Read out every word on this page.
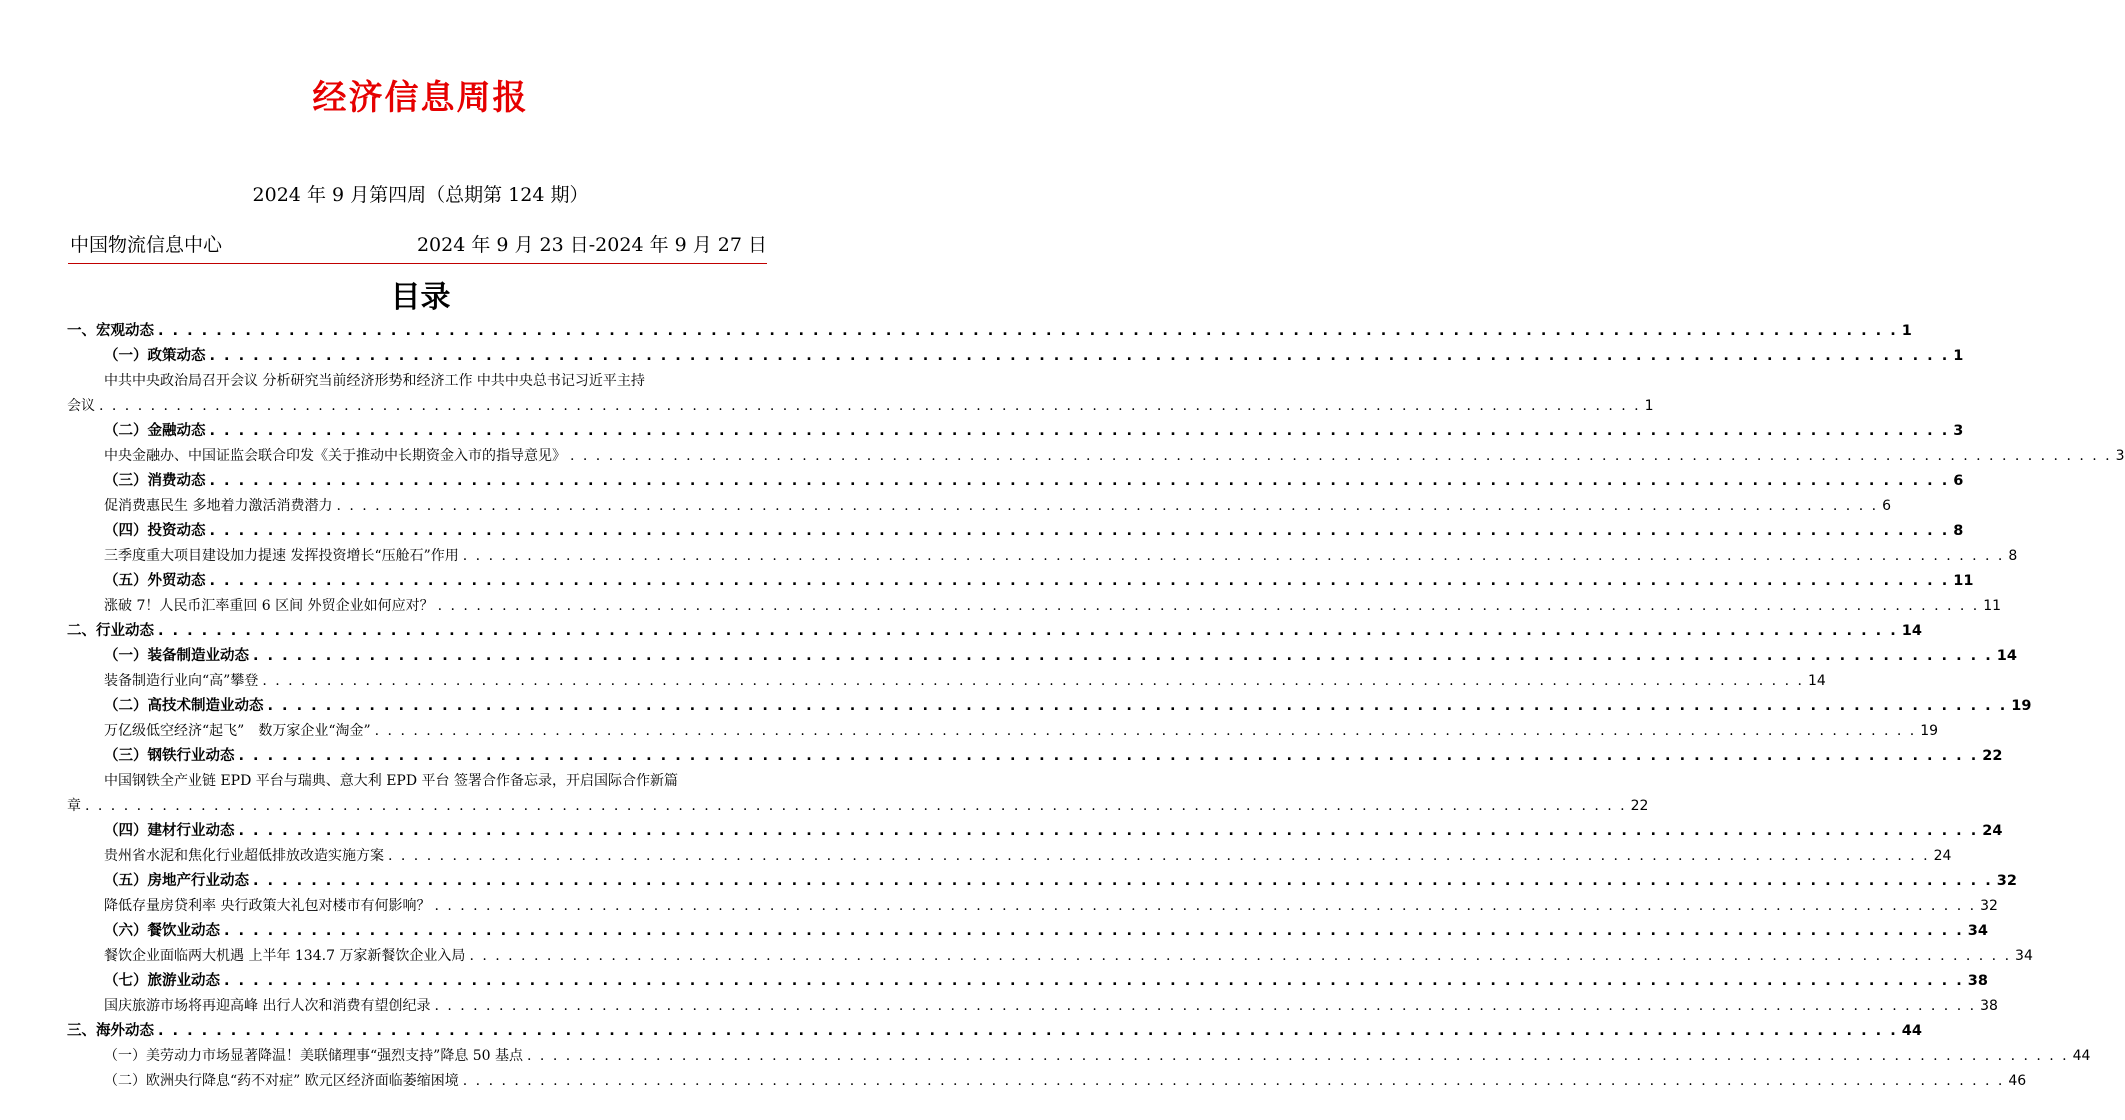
经济信息周报
2024 年 9 月第四周（总期第 124 期）
中国物流信息中心	2024 年 9 月 23 日-2024 年 9 月 27 日
目录
一、宏观动态 . . . . . . . . . . . . . . . . . . . . . . . . . . . . . . . . . . . . . . . . . . . . . . . . . . . . . . . . . . . . . . . . . . . . . . . . . . . . . . . . . . . . . . . . . . . . . . . . . . . . . . . . . . . . . . . . . . . . . . . . 1
（一）政策动态 . . . . . . . . . . . . . . . . . . . . . . . . . . . . . . . . . . . . . . . . . . . . . . . . . . . . . . . . . . . . . . . . . . . . . . . . . . . . . . . . . . . . . . . . . . . . . . . . . . . . . . . . . . . . . . . . . . . . . . . . 1
中共中央政治局召开会议 分析研究当前经济形势和经济工作 中共中央总书记习近平主持
会议 . . . . . . . . . . . . . . . . . . . . . . . . . . . . . . . . . . . . . . . . . . . . . . . . . . . . . . . . . . . . . . . . . . . . . . . . . . . . . . . . . . . . . . . . . . . . . . . . . . . . . . . . . . . . . . . . . . . . . . . . 1
（二）金融动态 . . . . . . . . . . . . . . . . . . . . . . . . . . . . . . . . . . . . . . . . . . . . . . . . . . . . . . . . . . . . . . . . . . . . . . . . . . . . . . . . . . . . . . . . . . . . . . . . . . . . . . . . . . . . . . . . . . . . . . . . 3
中央金融办、中国证监会联合印发《关于推动中长期资金入市的指导意见》 . . . . . . . . . . . . . . . . . . . . . . . . . . . . . . . . . . . . . . . . . . . . . . . . . . . . . . . . . . . . . . . . . . . . . . . . . . . . . . . . . . . . . . . . . . . . . . . . . . . . . . . . . . . . . . . . . . . . . . . . 3
（三）消费动态 . . . . . . . . . . . . . . . . . . . . . . . . . . . . . . . . . . . . . . . . . . . . . . . . . . . . . . . . . . . . . . . . . . . . . . . . . . . . . . . . . . . . . . . . . . . . . . . . . . . . . . . . . . . . . . . . . . . . . . . . 6
促消费惠民生 多地着力激活消费潜力 . . . . . . . . . . . . . . . . . . . . . . . . . . . . . . . . . . . . . . . . . . . . . . . . . . . . . . . . . . . . . . . . . . . . . . . . . . . . . . . . . . . . . . . . . . . . . . . . . . . . . . . . . . . . . . . . . . . . . . . . 6
（四）投资动态 . . . . . . . . . . . . . . . . . . . . . . . . . . . . . . . . . . . . . . . . . . . . . . . . . . . . . . . . . . . . . . . . . . . . . . . . . . . . . . . . . . . . . . . . . . . . . . . . . . . . . . . . . . . . . . . . . . . . . . . . 8
三季度重大项目建设加力提速 发挥投资增长“压舱石”作用 . . . . . . . . . . . . . . . . . . . . . . . . . . . . . . . . . . . . . . . . . . . . . . . . . . . . . . . . . . . . . . . . . . . . . . . . . . . . . . . . . . . . . . . . . . . . . . . . . . . . . . . . . . . . . . . . . . . . . . . . 8
（五）外贸动态 . . . . . . . . . . . . . . . . . . . . . . . . . . . . . . . . . . . . . . . . . . . . . . . . . . . . . . . . . . . . . . . . . . . . . . . . . . . . . . . . . . . . . . . . . . . . . . . . . . . . . . . . . . . . . . . . . . . . . . . . 11
涨破 7！人民币汇率重回 6 区间 外贸企业如何应对？ . . . . . . . . . . . . . . . . . . . . . . . . . . . . . . . . . . . . . . . . . . . . . . . . . . . . . . . . . . . . . . . . . . . . . . . . . . . . . . . . . . . . . . . . . . . . . . . . . . . . . . . . . . . . . . . . . . . . . . . . 11
二、行业动态 . . . . . . . . . . . . . . . . . . . . . . . . . . . . . . . . . . . . . . . . . . . . . . . . . . . . . . . . . . . . . . . . . . . . . . . . . . . . . . . . . . . . . . . . . . . . . . . . . . . . . . . . . . . . . . . . . . . . . . . . 14
（一）装备制造业动态 . . . . . . . . . . . . . . . . . . . . . . . . . . . . . . . . . . . . . . . . . . . . . . . . . . . . . . . . . . . . . . . . . . . . . . . . . . . . . . . . . . . . . . . . . . . . . . . . . . . . . . . . . . . . . . . . . . . . . . . . 14
装备制造行业向“高”攀登 . . . . . . . . . . . . . . . . . . . . . . . . . . . . . . . . . . . . . . . . . . . . . . . . . . . . . . . . . . . . . . . . . . . . . . . . . . . . . . . . . . . . . . . . . . . . . . . . . . . . . . . . . . . . . . . . . . . . . . . . 14
（二）高技术制造业动态 . . . . . . . . . . . . . . . . . . . . . . . . . . . . . . . . . . . . . . . . . . . . . . . . . . . . . . . . . . . . . . . . . . . . . . . . . . . . . . . . . . . . . . . . . . . . . . . . . . . . . . . . . . . . . . . . . . . . . . . . 19
万亿级低空经济“起飞”　数万家企业“淘金” . . . . . . . . . . . . . . . . . . . . . . . . . . . . . . . . . . . . . . . . . . . . . . . . . . . . . . . . . . . . . . . . . . . . . . . . . . . . . . . . . . . . . . . . . . . . . . . . . . . . . . . . . . . . . . . . . . . . . . . . 19
（三）钢铁行业动态 . . . . . . . . . . . . . . . . . . . . . . . . . . . . . . . . . . . . . . . . . . . . . . . . . . . . . . . . . . . . . . . . . . . . . . . . . . . . . . . . . . . . . . . . . . . . . . . . . . . . . . . . . . . . . . . . . . . . . . . . 22
中国钢铁全产业链 EPD 平台与瑞典、意大利 EPD 平台 签署合作备忘录，开启国际合作新篇
章 . . . . . . . . . . . . . . . . . . . . . . . . . . . . . . . . . . . . . . . . . . . . . . . . . . . . . . . . . . . . . . . . . . . . . . . . . . . . . . . . . . . . . . . . . . . . . . . . . . . . . . . . . . . . . . . . . . . . . . . . 22
（四）建材行业动态 . . . . . . . . . . . . . . . . . . . . . . . . . . . . . . . . . . . . . . . . . . . . . . . . . . . . . . . . . . . . . . . . . . . . . . . . . . . . . . . . . . . . . . . . . . . . . . . . . . . . . . . . . . . . . . . . . . . . . . . . 24
贵州省水泥和焦化行业超低排放改造实施方案 . . . . . . . . . . . . . . . . . . . . . . . . . . . . . . . . . . . . . . . . . . . . . . . . . . . . . . . . . . . . . . . . . . . . . . . . . . . . . . . . . . . . . . . . . . . . . . . . . . . . . . . . . . . . . . . . . . . . . . . . 24
（五）房地产行业动态 . . . . . . . . . . . . . . . . . . . . . . . . . . . . . . . . . . . . . . . . . . . . . . . . . . . . . . . . . . . . . . . . . . . . . . . . . . . . . . . . . . . . . . . . . . . . . . . . . . . . . . . . . . . . . . . . . . . . . . . . 32
降低存量房贷利率 央行政策大礼包对楼市有何影响？ . . . . . . . . . . . . . . . . . . . . . . . . . . . . . . . . . . . . . . . . . . . . . . . . . . . . . . . . . . . . . . . . . . . . . . . . . . . . . . . . . . . . . . . . . . . . . . . . . . . . . . . . . . . . . . . . . . . . . . . . 32
（六）餐饮业动态 . . . . . . . . . . . . . . . . . . . . . . . . . . . . . . . . . . . . . . . . . . . . . . . . . . . . . . . . . . . . . . . . . . . . . . . . . . . . . . . . . . . . . . . . . . . . . . . . . . . . . . . . . . . . . . . . . . . . . . . . 34
餐饮企业面临两大机遇 上半年 134.7 万家新餐饮企业入局 . . . . . . . . . . . . . . . . . . . . . . . . . . . . . . . . . . . . . . . . . . . . . . . . . . . . . . . . . . . . . . . . . . . . . . . . . . . . . . . . . . . . . . . . . . . . . . . . . . . . . . . . . . . . . . . . . . . . . . . . 34
（七）旅游业动态 . . . . . . . . . . . . . . . . . . . . . . . . . . . . . . . . . . . . . . . . . . . . . . . . . . . . . . . . . . . . . . . . . . . . . . . . . . . . . . . . . . . . . . . . . . . . . . . . . . . . . . . . . . . . . . . . . . . . . . . . 38
国庆旅游市场将再迎高峰 出行人次和消费有望创纪录 . . . . . . . . . . . . . . . . . . . . . . . . . . . . . . . . . . . . . . . . . . . . . . . . . . . . . . . . . . . . . . . . . . . . . . . . . . . . . . . . . . . . . . . . . . . . . . . . . . . . . . . . . . . . . . . . . . . . . . . . 38
三、海外动态 . . . . . . . . . . . . . . . . . . . . . . . . . . . . . . . . . . . . . . . . . . . . . . . . . . . . . . . . . . . . . . . . . . . . . . . . . . . . . . . . . . . . . . . . . . . . . . . . . . . . . . . . . . . . . . . . . . . . . . . . 44
（一）美劳动力市场显著降温！美联储理事“强烈支持”降息 50 基点 . . . . . . . . . . . . . . . . . . . . . . . . . . . . . . . . . . . . . . . . . . . . . . . . . . . . . . . . . . . . . . . . . . . . . . . . . . . . . . . . . . . . . . . . . . . . . . . . . . . . . . . . . . . . . . . . . . . . . . . . 44
（二）欧洲央行降息“药不对症” 欧元区经济面临萎缩困境 . . . . . . . . . . . . . . . . . . . . . . . . . . . . . . . . . . . . . . . . . . . . . . . . . . . . . . . . . . . . . . . . . . . . . . . . . . . . . . . . . . . . . . . . . . . . . . . . . . . . . . . . . . . . . . . . . . . . . . . . 46
